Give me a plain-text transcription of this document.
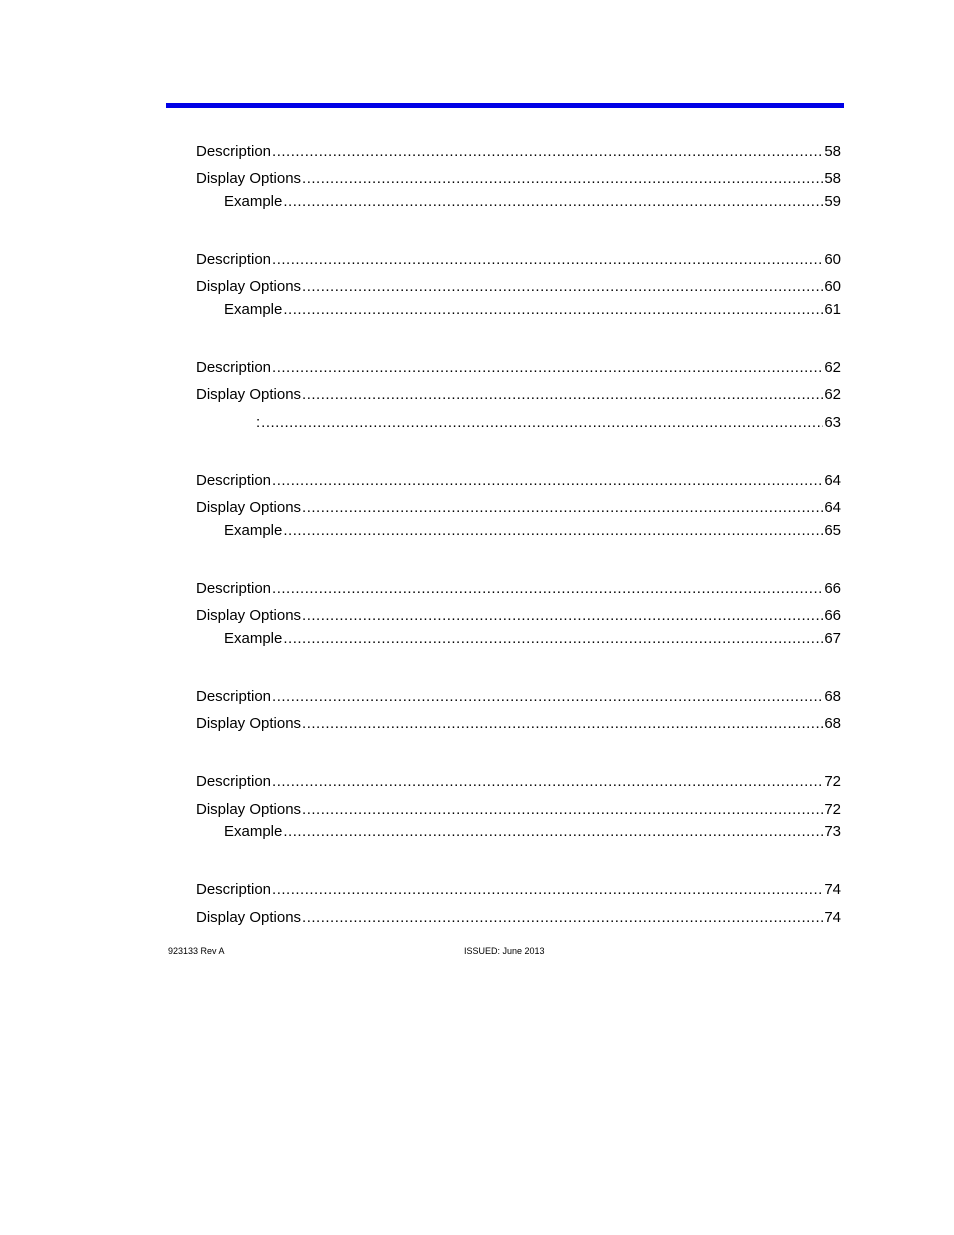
Description .....	58
Display Options .....	58
Example .....	59
Description .....	60
Display Options .....	60
Example .....	61
Description .....	62
Display Options .....	62
: .....	63
Description .....	64
Display Options .....	64
Example .....	65
Description .....	66
Display Options .....	66
Example .....	67
Description .....	68
Display Options .....	68
Description .....	72
Display Options .....	72
Example .....	73
Description .....	74
Display Options .....	74
923133 Rev A	ISSUED: June 2013
